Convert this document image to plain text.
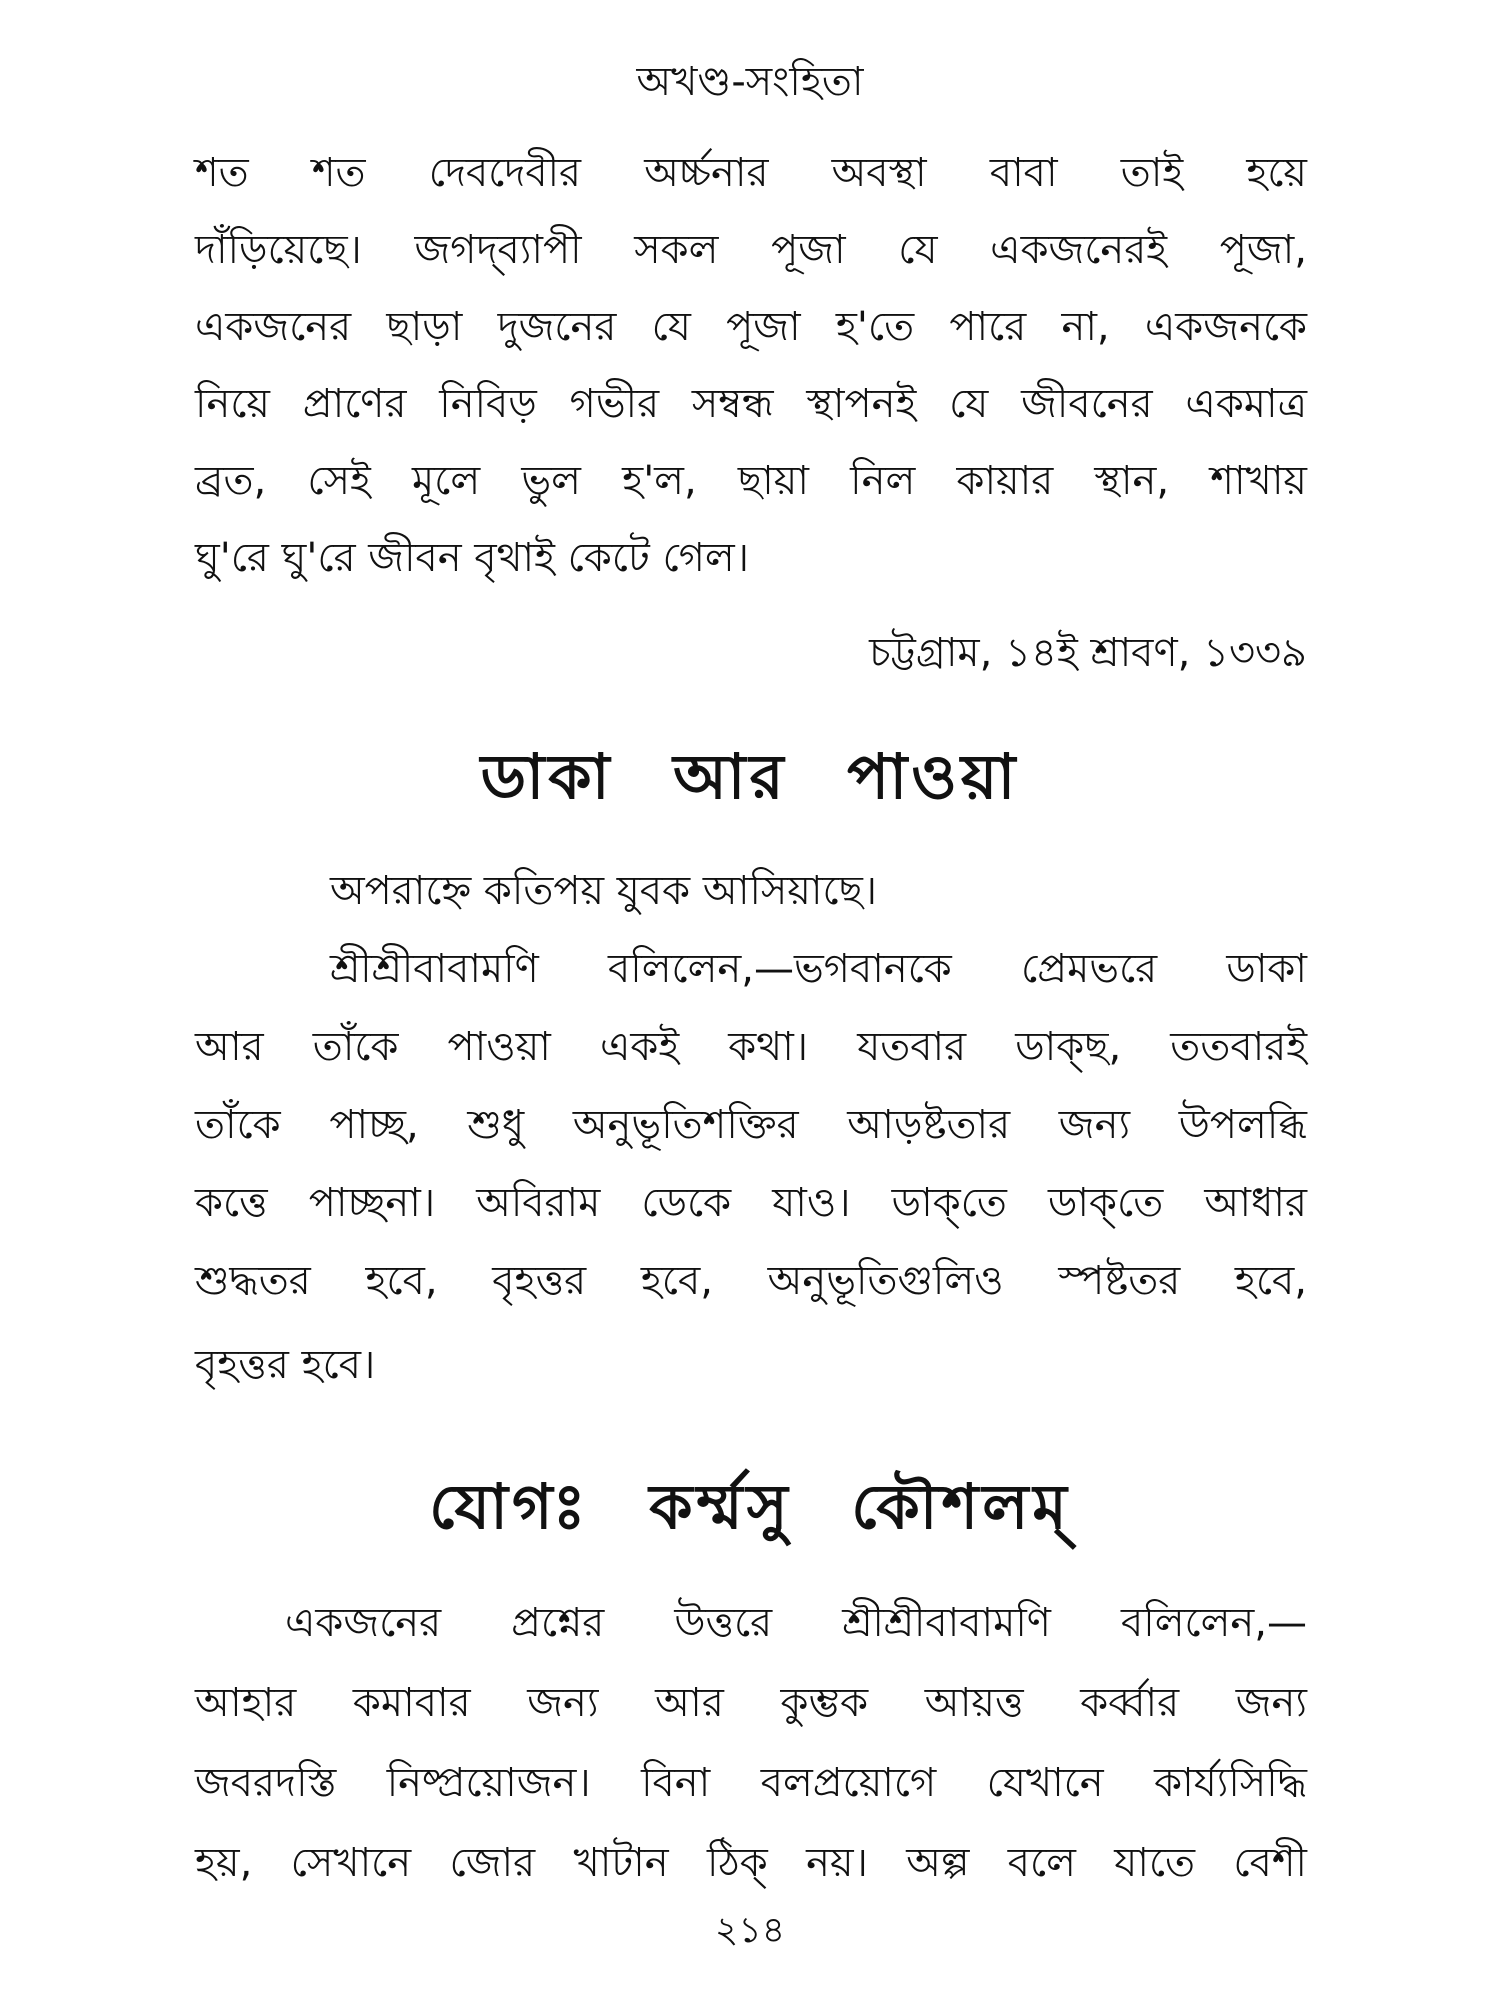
অখণ্ড-সংহিতা
শত শত দেবদেবীর অর্চ্চনার অবস্থা বাবা তাই হয়ে
দাঁড়িয়েছে। জগদ্‌ব্যাপী সকল পূজা যে একজনেরই পূজা,
একজনের ছাড়া দুজনের যে পূজা হ'তে পারে না, একজনকে
নিয়ে প্রাণের নিবিড় গভীর সম্বন্ধ স্থাপনই যে জীবনের একমাত্র
ব্রত, সেই মূলে ভুল হ'ল, ছায়া নিল কায়ার স্থান, শাখায়
ঘু'রে ঘু'রে জীবন বৃথাই কেটে গেল।
চট্টগ্রাম, ১৪ই শ্রাবণ, ১৩৩৯
ডাকা আর পাওয়া
অপরাহ্নে কতিপয় যুবক আসিয়াছে।
শ্রীশ্রীবাবামণি বলিলেন,—ভগবানকে প্রেমভরে ডাকা
আর তাঁকে পাওয়া একই কথা। যতবার ডাক্‌ছ, ততবারই
তাঁকে পাচ্ছ, শুধু অনুভূতিশক্তির আড়ষ্টতার জন্য উপলব্ধি
কত্তে পাচ্ছনা। অবিরাম ডেকে যাও। ডাক্‌তে ডাক্‌তে আধার
শুদ্ধতর হবে, বৃহত্তর হবে, অনুভূতিগুলিও স্পষ্টতর হবে,
বৃহত্তর হবে।
যোগঃ কর্ম্মসু কৌশলম্‌
একজনের প্রশ্নের উত্তরে শ্রীশ্রীবাবামণি বলিলেন,—
আহার কমাবার জন্য আর কুম্ভক আয়ত্ত কর্ব্বার জন্য
জবরদস্তি নিষ্প্রয়োজন। বিনা বলপ্রয়োগে যেখানে কার্য্যসিদ্ধি
হয়, সেখানে জোর খাটান ঠিক্ নয়। অল্প বলে যাতে বেশী
২১৪
